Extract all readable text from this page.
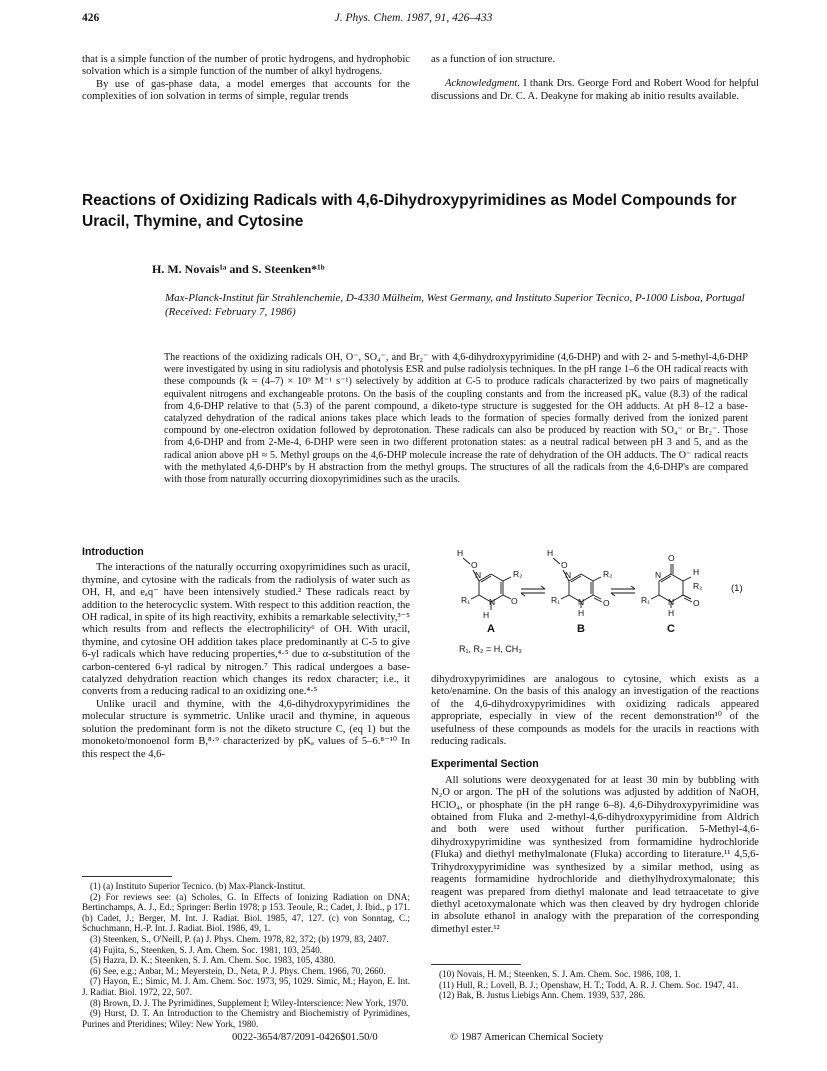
426	J. Phys. Chem. 1987, 91, 426–433

that is a simple function of the number of protic hydrogens, and hydrophobic solvation which is a simple function of the number of alkyl hydrogens.

By use of gas-phase data, a model emerges that accounts for the complexities of ion solvation in terms of simple, regular trends

as a function of ion structure.

Acknowledgment. I thank Drs. George Ford and Robert Wood for helpful discussions and Dr. C. A. Deakyne for making ab initio results available.

Reactions of Oxidizing Radicals with 4,6-Dihydroxypyrimidines as Model Compounds for Uracil, Thymine, and Cytosine
H. M. Novais¹ᵃ and S. Steenken*¹ᵇ
Max-Planck-Institut für Strahlenchemie, D-4330 Mülheim, West Germany, and Instituto Superior Tecnico, P-1000 Lisboa, Portugal (Received: February 7, 1986)
The reactions of the oxidizing radicals OH, O⁻, SO₄⁻, and Br₂⁻ with 4,6-dihydroxypyrimidine (4,6-DHP) and with 2- and 5-methyl-4,6-DHP were investigated by using in situ radiolysis and photolysis ESR and pulse radiolysis techniques. In the pH range 1–6 the OH radical reacts with these compounds (k = (4–7) × 10⁹ M⁻¹ s⁻¹) selectively by addition at C-5 to produce radicals characterized by two pairs of magnetically equivalent nitrogens and exchangeable protons. On the basis of the coupling constants and from the increased pKₐ value (8.3) of the radical from 4,6-DHP relative to that (5.3) of the parent compound, a diketo-type structure is suggested for the OH adducts. At pH 8–12 a base-catalyzed dehydration of the radical anions takes place which leads to the formation of species formally derived from the ionized parent compound by one-electron oxidation followed by deprotonation. These radicals can also be produced by reaction with SO₄⁻ or Br₂⁻. Those from 4,6-DHP and from 2-Me-4, 6-DHP were seen in two different protonation states: as a neutral radical between pH 3 and 5, and as the radical anion above pH ≈ 5. Methyl groups on the 4,6-DHP molecule increase the rate of dehydration of the OH adducts. The O⁻ radical reacts with the methylated 4,6-DHP's by H abstraction from the methyl groups. The structures of all the radicals from the 4,6-DHP's are compared with those from naturally occurring dioxopyrimidines such as the uracils.
Introduction

The interactions of the naturally occurring oxopyrimidines such as uracil, thymine, and cytosine with the radicals from the radiolysis of water such as OH, H, and eₐq⁻ have been intensively studied.² These radicals react by addition to the heterocyclic system. With respect to this addition reaction, the OH radical, in spite of its high reactivity, exhibits a remarkable selectivity,³⁻⁵ which results from and reflects the electrophilicity⁶ of OH. With uracil, thymine, and cytosine OH addition takes place predominantly at C-5 to give 6-yl radicals which have reducing properties,⁴·⁵ due to α-substitution of the carbon-centered 6-yl radical by nitrogen.⁷ This radical undergoes a base-catalyzed dehydration reaction which changes its redox character; i.e., it converts from a reducing radical to an oxidizing one.⁴·⁵

Unlike uracil and thymine, with the 4,6-dihydroxypyrimidines the molecular structure is symmetric. Unlike uracil and thymine, in aqueous solution the predominant form is not the diketo structure C, (eq 1) but the monoketo/monoenol form B,⁸·⁹ characterized by pKₐ values of 5–6.⁸⁻¹⁰ In this respect the 4,6-

(1) (a) Instituto Superior Tecnico. (b) Max-Planck-Institut.

(2) For reviews see: (a) Scholes, G. In Effects of Ionizing Radiation on DNA; Bertinchamps, A. J., Ed.; Springer: Berlin 1978; p 153. Teoule, R.; Cadet, J. Ibid., p 171. (b) Cadet, J.; Berger, M. Int. J. Radiat. Biol. 1985, 47, 127. (c) von Sonntag, C.; Schuchmann, H.-P. Int. J. Radiat. Biol. 1986, 49, 1.

(3) Steenken, S., O'Neill, P. (a) J. Phys. Chem. 1978, 82, 372; (b) 1979, 83, 2407.

(4) Fujita, S., Steenken, S. J. Am. Chem. Soc. 1981, 103, 2540.

(5) Hazra, D. K.; Steenken, S. J. Am. Chem. Soc. 1983, 105, 4380.

(6) See, e.g.; Anbar, M.; Meyerstein, D., Neta, P. J. Phys. Chem. 1966, 70, 2660.

(7) Hayon, E.; Simic, M. J. Am. Chem. Soc. 1973, 95, 1029. Simic, M.; Hayon, E. Int. J. Radiat. Biol. 1972, 22, 507.

(8) Brown, D. J. The Pyrimidines, Supplement I; Wiley-Interscience: New York, 1970.

(9) Hurst, D. T. An Introduction to the Chemistry and Biochemistry of Pyrimidines, Purines and Pteridines; Wiley: New York, 1980.

H
O
N	R₂
N
R₁	O
H
H
O
N	R₂
N
H
R₁	O
O
H
R₂
N
N
H
R₁	O
A	B	C
(1)
R₁, R₂ = H, CH₃

dihydroxypyrimidines are analogous to cytosine, which exists as a keto/enamine. On the basis of this analogy an investigation of the reactions of the 4,6-dihydroxypyrimidines with oxidizing radicals appeared appropriate, especially in view of the recent demonstration¹⁰ of the usefulness of these compounds as models for the uracils in reactions with reducing radicals.

Experimental Section

All solutions were deoxygenated for at least 30 min by bubbling with N₂O or argon. The pH of the solutions was adjusted by addition of NaOH, HClO₄, or phosphate (in the pH range 6–8). 4,6-Dihydroxypyrimidine was obtained from Fluka and 2-methyl-4,6-dihydroxypyrimidine from Aldrich and both were used without further purification. 5-Methyl-4,6-dihydroxypyrimidine was synthesized from formamidine hydrochloride (Fluka) and diethyl methylmalonate (Fluka) according to literature.¹¹ 4,5,6-Trihydroxypyrimidine was synthesized by a similar method, using as reagents formamidine hydrochloride and diethylhydroxymalonate; this reagent was prepared from diethyl malonate and lead tetraacetate to give diethyl acetoxymalonate which was then cleaved by dry hydrogen chloride in absolute ethanol in analogy with the preparation of the corresponding dimethyl ester.¹²

(10) Novais, H. M.; Steenken, S. J. Am. Chem. Soc. 1986, 108, 1.

(11) Hull, R.; Lovell, B. J.; Openshaw, H. T.; Todd, A. R. J. Chem. Soc. 1947, 41.

(12) Bak, B. Justus Liebigs Ann. Chem. 1939, 537, 286.

0022-3654/87/2091-0426$01.50/0	© 1987 American Chemical Society
